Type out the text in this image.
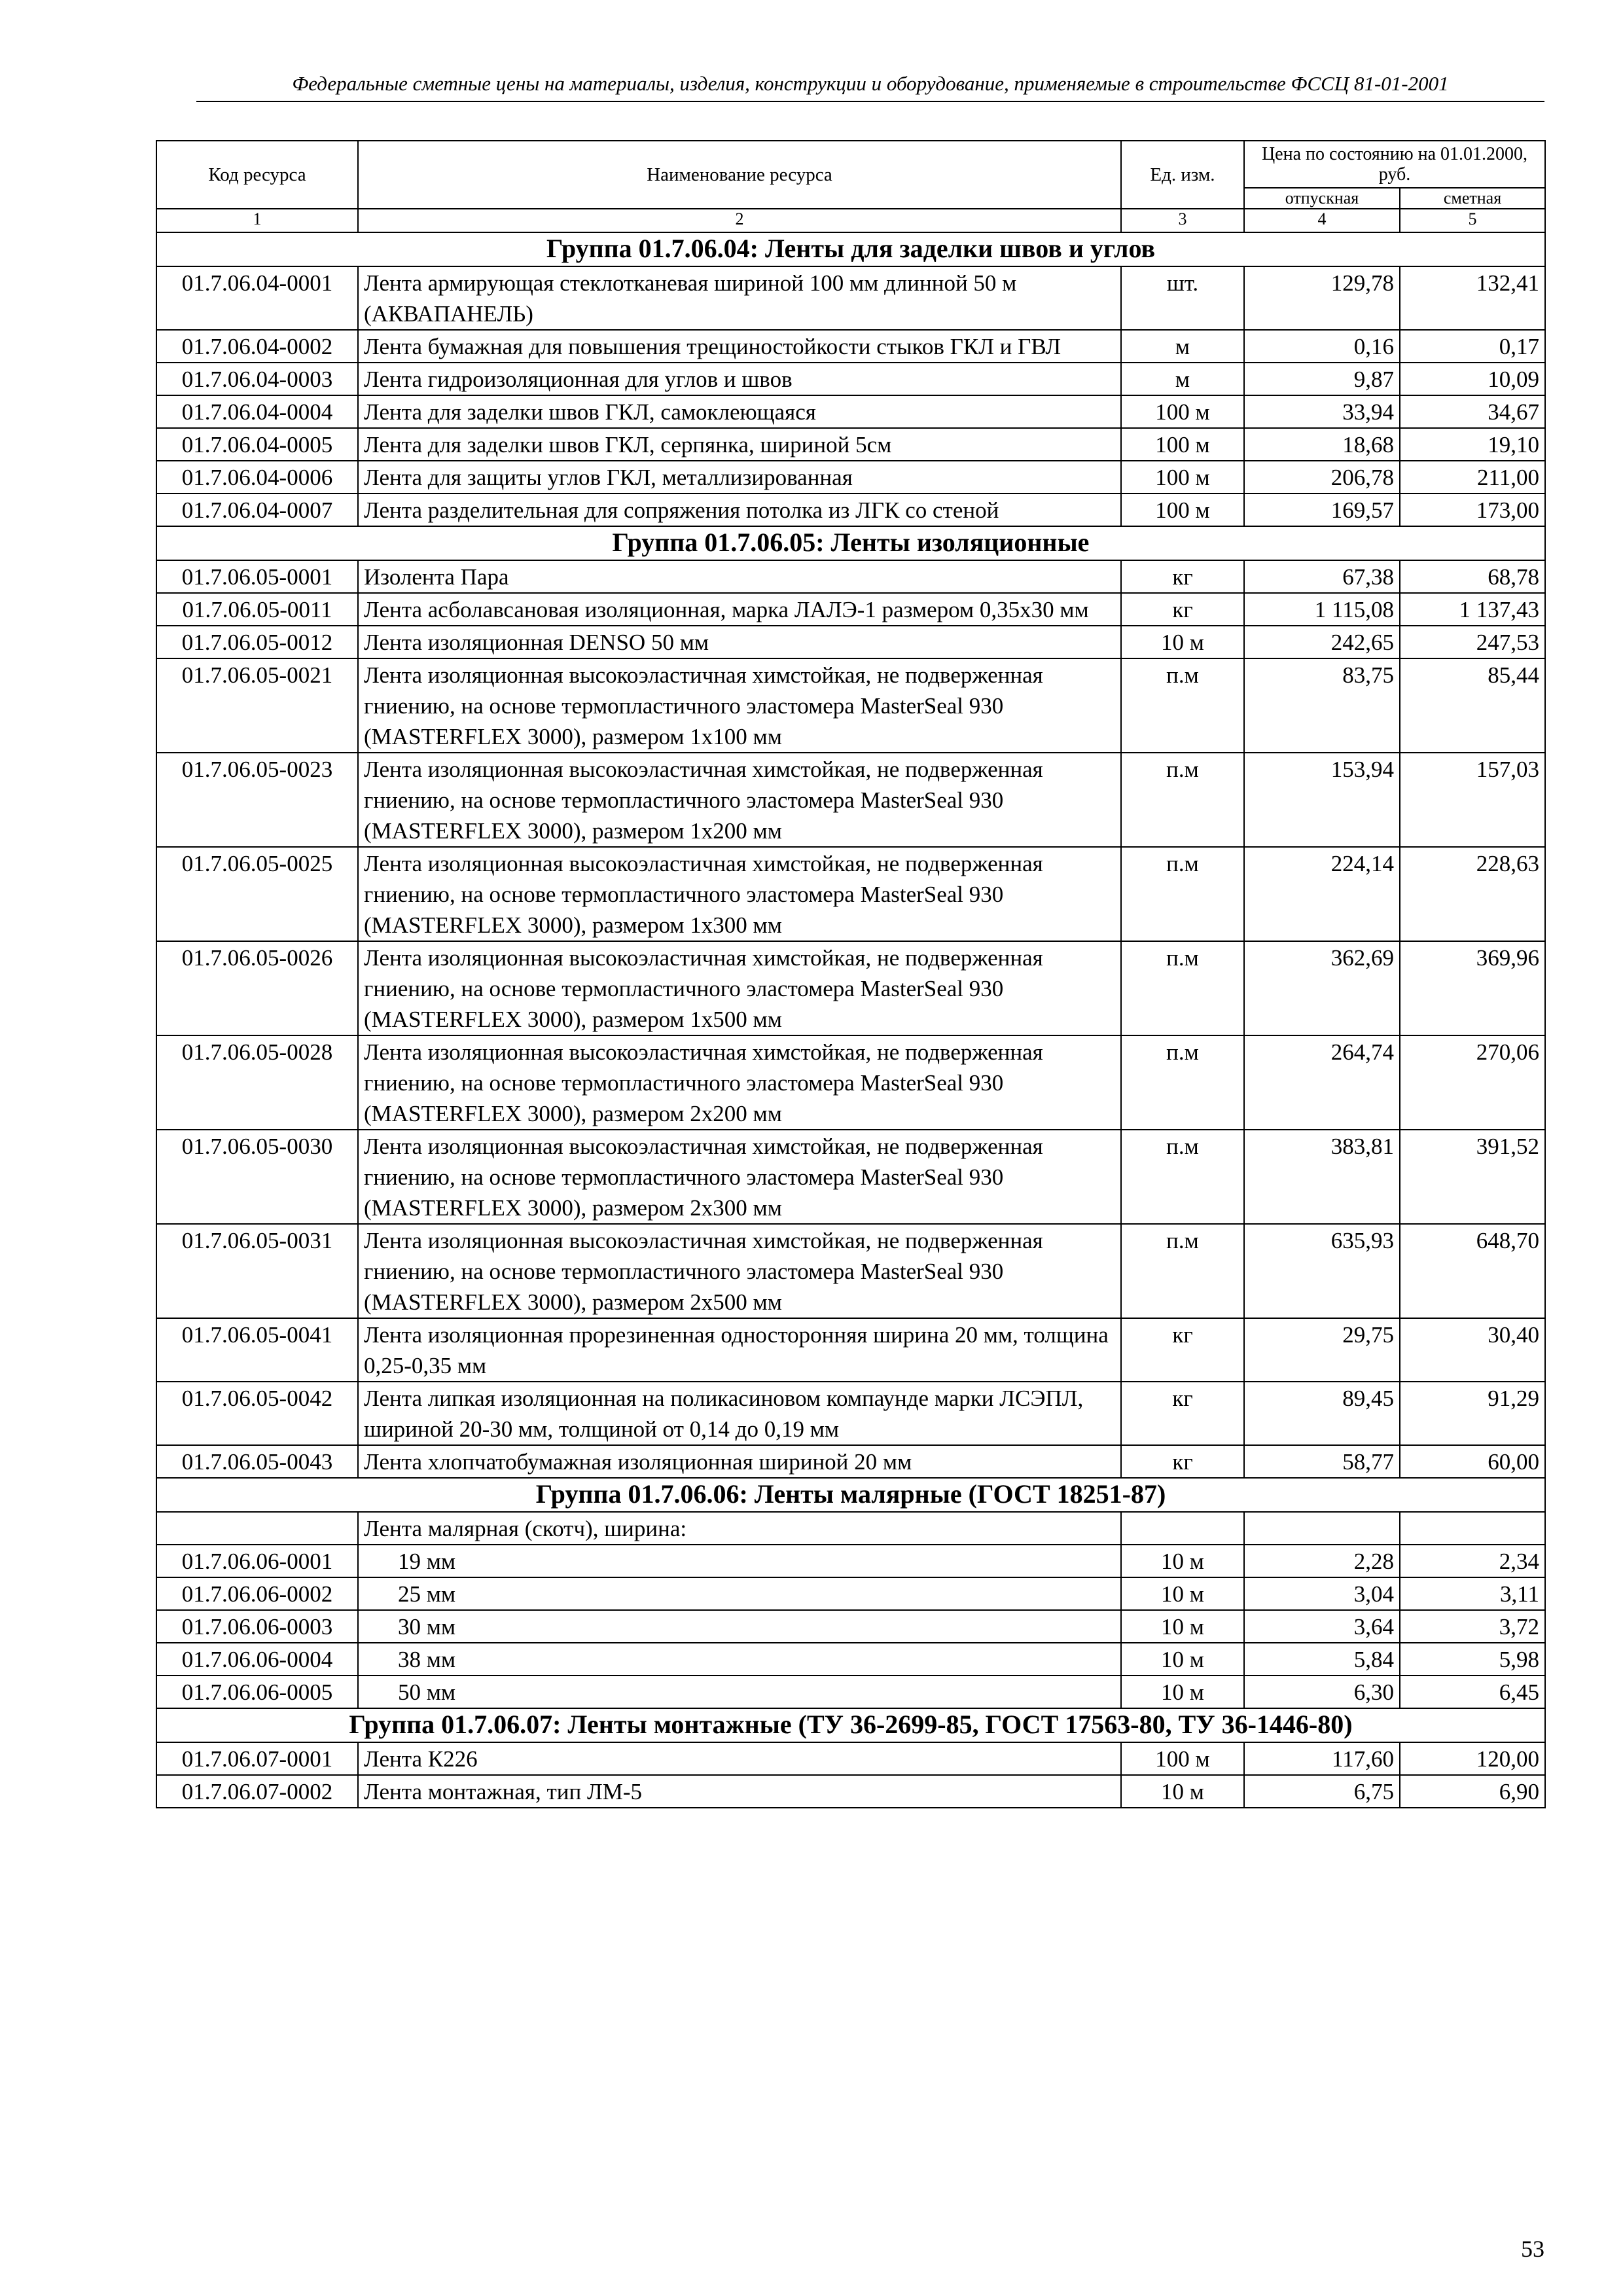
Федеральные сметные цены на материалы, изделия, конструкции и оборудование, применяемые в строительстве ФССЦ 81-01-2001
Код ресурса	Наименование ресурса	Ед. изм.	Цена по состоянию на 01.01.2000, руб.	
			отпускная	сметная
1	2	3	4	5
Группа 01.7.06.04: Ленты для заделки швов и углов				
01.7.06.04-0001	Лента армирующая стеклотканевая шириной 100 мм длинной 50 м (АКВАПАНЕЛЬ)	шт.	129,78	132,41
01.7.06.04-0002	Лента бумажная для повышения трещиностойкости стыков ГКЛ и ГВЛ	м	0,16	0,17
01.7.06.04-0003	Лента гидроизоляционная для углов и швов	м	9,87	10,09
01.7.06.04-0004	Лента для заделки швов ГКЛ, самоклеющаяся	100 м	33,94	34,67
01.7.06.04-0005	Лента для заделки швов ГКЛ, серпянка, шириной 5см	100 м	18,68	19,10
01.7.06.04-0006	Лента для защиты углов ГКЛ, металлизированная	100 м	206,78	211,00
01.7.06.04-0007	Лента разделительная для сопряжения потолка из ЛГК со стеной	100 м	169,57	173,00
Группа 01.7.06.05: Ленты изоляционные				
01.7.06.05-0001	Изолента Пара	кг	67,38	68,78
01.7.06.05-0011	Лента асболавсановая изоляционная, марка ЛАЛЭ-1 размером 0,35х30 мм	кг	1 115,08	1 137,43
01.7.06.05-0012	Лента изоляционная DENSO 50 мм	10 м	242,65	247,53
01.7.06.05-0021	Лента изоляционная высокоэластичная химстойкая, не подверженная гниению, на основе термопластичного эластомера MasterSeal 930 (MASTERFLEX 3000), размером 1х100 мм	п.м	83,75	85,44
01.7.06.05-0023	Лента изоляционная высокоэластичная химстойкая, не подверженная гниению, на основе термопластичного эластомера MasterSeal 930 (MASTERFLEX 3000), размером 1х200 мм	п.м	153,94	157,03
01.7.06.05-0025	Лента изоляционная высокоэластичная химстойкая, не подверженная гниению, на основе термопластичного эластомера MasterSeal 930 (MASTERFLEX 3000), размером 1х300 мм	п.м	224,14	228,63
01.7.06.05-0026	Лента изоляционная высокоэластичная химстойкая, не подверженная гниению, на основе термопластичного эластомера MasterSeal 930 (MASTERFLEX 3000), размером 1х500 мм	п.м	362,69	369,96
01.7.06.05-0028	Лента изоляционная высокоэластичная химстойкая, не подверженная гниению, на основе термопластичного эластомера MasterSeal 930 (MASTERFLEX 3000), размером 2х200 мм	п.м	264,74	270,06
01.7.06.05-0030	Лента изоляционная высокоэластичная химстойкая, не подверженная гниению, на основе термопластичного эластомера MasterSeal 930 (MASTERFLEX 3000), размером 2х300 мм	п.м	383,81	391,52
01.7.06.05-0031	Лента изоляционная высокоэластичная химстойкая, не подверженная гниению, на основе термопластичного эластомера MasterSeal 930 (MASTERFLEX 3000), размером 2х500 мм	п.м	635,93	648,70
01.7.06.05-0041	Лента изоляционная прорезиненная односторонняя ширина 20 мм, толщина 0,25-0,35 мм	кг	29,75	30,40
01.7.06.05-0042	Лента липкая изоляционная на поликасиновом компаунде марки ЛСЭПЛ, шириной 20-30 мм, толщиной от 0,14 до 0,19 мм	кг	89,45	91,29
01.7.06.05-0043	Лента хлопчатобумажная изоляционная шириной 20 мм	кг	58,77	60,00
Группа 01.7.06.06: Ленты малярные (ГОСТ 18251-87)				
	Лента малярная (скотч), ширина:			
01.7.06.06-0001	19 мм	10 м	2,28	2,34
01.7.06.06-0002	25 мм	10 м	3,04	3,11
01.7.06.06-0003	30 мм	10 м	3,64	3,72
01.7.06.06-0004	38 мм	10 м	5,84	5,98
01.7.06.06-0005	50 мм	10 м	6,30	6,45
Группа 01.7.06.07: Ленты монтажные (ТУ 36-2699-85, ГОСТ 17563-80, ТУ 36-1446-80)				
01.7.06.07-0001	Лента К226	100 м	117,60	120,00
01.7.06.07-0002	Лента монтажная, тип ЛМ-5	10 м	6,75	6,90
53
